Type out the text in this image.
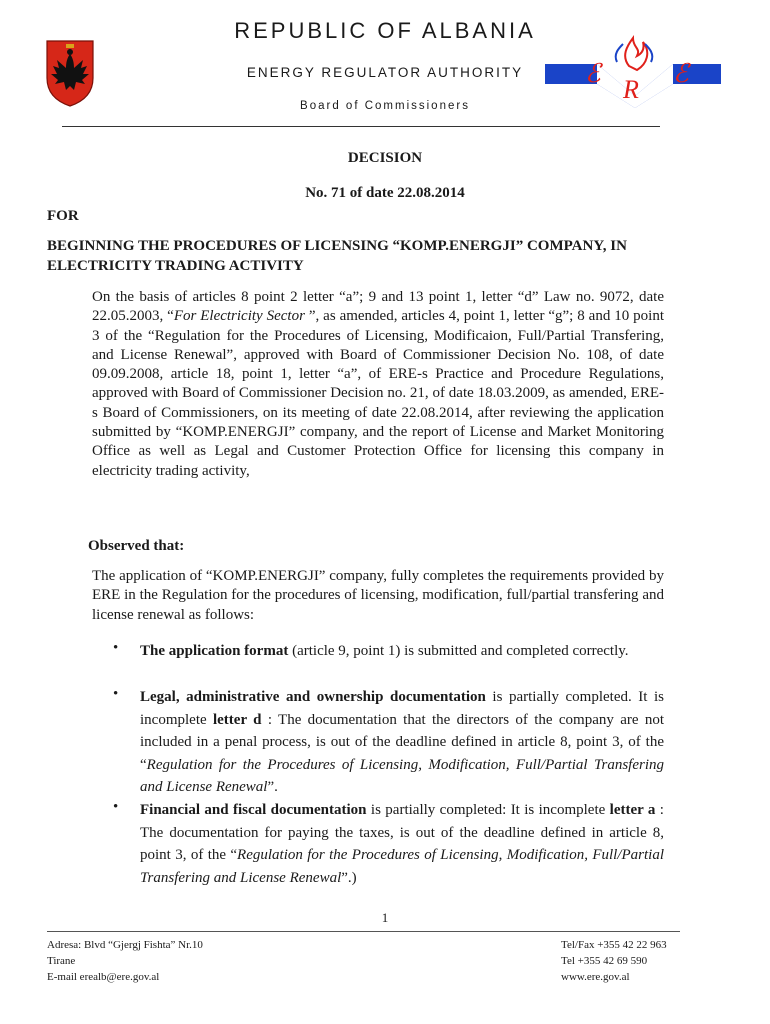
REPUBLIC OF ALBANIA
ENERGY REGULATOR AUTHORITY
Board of Commissioners
ℰ	ℰ
R
DECISION
No. 71 of date 22.08.2014
FOR
BEGINNING THE PROCEDURES OF LICENSING “KOMP.ENERGJI” COMPANY, IN ELECTRICITY TRADING ACTIVITY
On the basis of articles 8 point 2 letter “a”; 9 and 13 point 1, letter “d” Law no. 9072, date 22.05.2003, “For Electricity Sector ”, as amended, articles 4, point 1, letter “g”; 8 and 10 point 3 of the “Regulation for the Procedures of Licensing, Modificaion, Full/Partial Transfering, and License Renewal”, approved with Board of Commissioner Decision No. 108, of date 09.09.2008, article 18, point 1, letter “a”, of ERE-s Practice and Procedure Regulations, approved with Board of Commissioner Decision no. 21, of date 18.03.2009, as amended, ERE-s Board of Commissioners, on its meeting of date 22.08.2014, after reviewing the application submitted by “KOMP.ENERGJI” company, and the report of License and Market Monitoring Office as well as Legal and Customer Protection Office for licensing this company in electricity trading activity,
Observed that:
The application of “KOMP.ENERGJI” company, fully completes the requirements provided by ERE in the Regulation for the procedures of licensing, modification, full/partial transfering and license renewal as follows:
• The application format (article 9, point 1) is submitted and completed correctly.
• Legal, administrative and ownership documentation is partially completed. It is incomplete letter d : The documentation that the directors of the company are not included in a penal process, is out of the deadline defined in article 8, point 3, of the “Regulation for the Procedures of Licensing, Modification, Full/Partial Transfering and License Renewal”.
• Financial and fiscal documentation is partially completed: It is incomplete letter a : The documentation for paying the taxes, is out of the deadline defined in article 8, point 3, of the “Regulation for the Procedures of Licensing, Modification, Full/Partial Transfering and License Renewal”.)
1
Adresa: Blvd “Gjergj Fishta” Nr.10
Tirane
E-mail erealb@ere.gov.al
Tel/Fax +355 42 22 963
Tel +355 42 69 590
www.ere.gov.al
